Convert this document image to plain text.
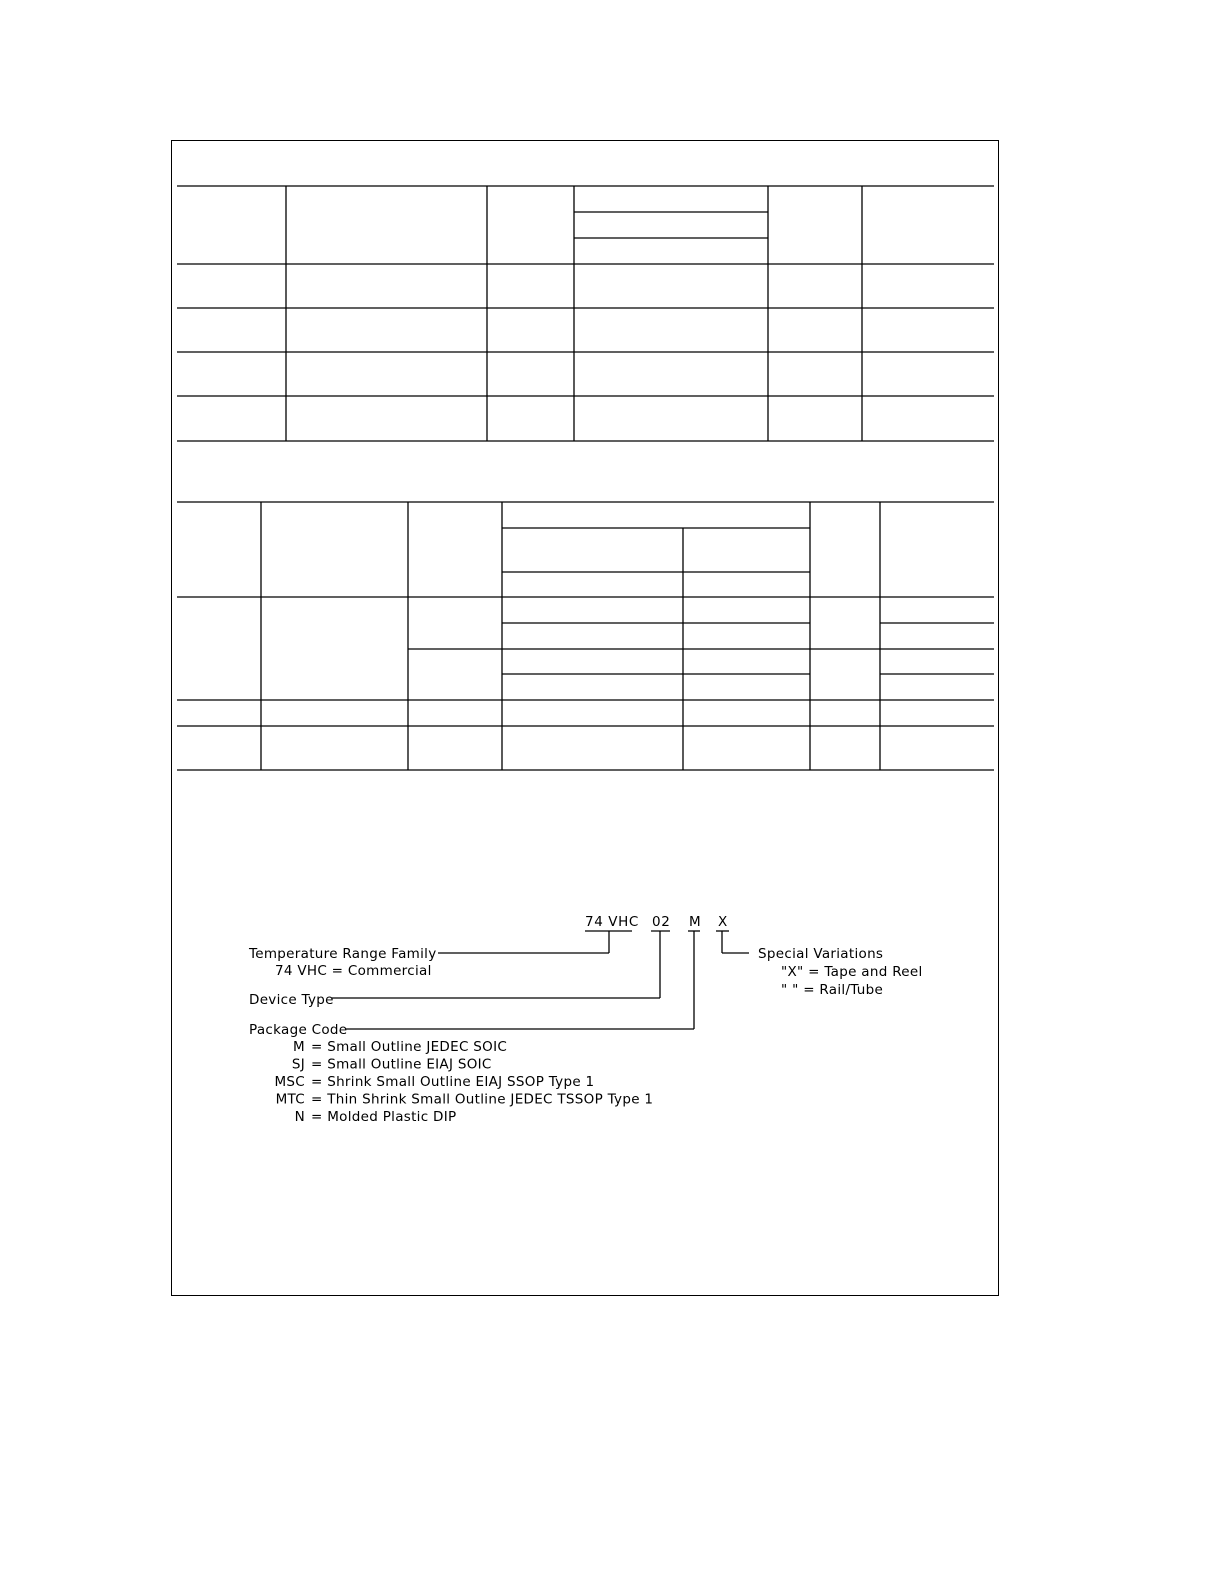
74 VHC 02 M X
Temperature Range Family
74 VHC = Commercial
Device Type
Package Code
M = Small Outline JEDEC SOIC
SJ = Small Outline EIAJ SOIC
MSC = Shrink Small Outline EIAJ SSOP Type 1
MTC = Thin Shrink Small Outline JEDEC TSSOP Type 1
N = Molded Plastic DIP
Special Variations
"X" = Tape and Reel
" " = Rail/Tube
